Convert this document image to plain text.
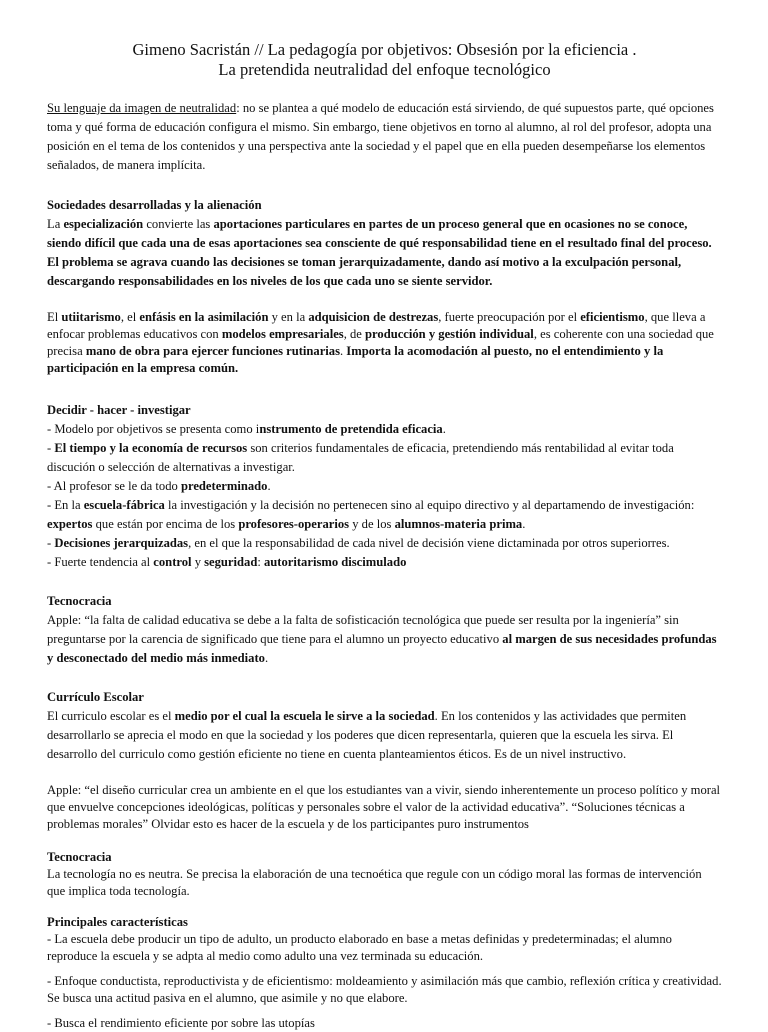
Gimeno Sacristán // La pedagogía por objetivos: Obsesión por la eficiencia .
La pretendida neutralidad del enfoque tecnológico

Su lenguaje da imagen de neutralidad: no se plantea a qué modelo de educación está sirviendo, de qué supuestos parte, qué opciones toma y qué forma de educación configura el mismo. Sin embargo, tiene objetivos en torno al alumno, al rol del profesor, adopta una posición en el tema de los contenidos y una perspectiva ante la sociedad y el papel que en ella pueden desempeñarse los elementos señalados, de manera implícita.

Sociedades desarrolladas y la alienación

La especialización convierte las aportaciones particulares en partes de un proceso general que en ocasiones no se conoce, siendo difícil que cada una de esas aportaciones sea consciente de qué responsabilidad tiene en el resultado final del proceso. El problema se agrava cuando las decisiones se toman jerarquizadamente, dando así motivo a la exculpación personal, descargando responsabilidades en los niveles de los que cada uno se siente servidor.

El utiitarismo, el enfásis en la asimilación y en la adquisicion de destrezas, fuerte preocupación por el eficientismo, que lleva a enfocar problemas educativos con modelos empresariales, de producción y gestión individual, es coherente con una sociedad que precisa mano de obra para ejercer funciones rutinarias. Importa la acomodación al puesto, no el entendimiento y la participación en la empresa común.

Decidir - hacer - investigar

- Modelo por objetivos se presenta como instrumento de pretendida eficacia.

- El tiempo y la economía de recursos son criterios fundamentales de eficacia, pretendiendo más rentabilidad al evitar toda discución o selección de alternativas a investigar.

- Al profesor se le da todo predeterminado.

- En la escuela-fábrica la investigación y la decisión no pertenecen sino al equipo directivo y al departamendo de investigación: expertos que están por encima de los profesores-operarios y de los alumnos-materia prima.

- Decisiones jerarquizadas, en el que la responsabilidad de cada nivel de decisión viene dictaminada por otros superiorres.

- Fuerte tendencia al control y seguridad: autoritarismo discimulado

Tecnocracia

Apple: “la falta de calidad educativa se debe a la falta de sofisticación tecnológica que puede ser resulta por la ingeniería” sin preguntarse por la carencia de significado que tiene para el alumno un proyecto educativo al margen de sus necesidades profundas y desconectado del medio más inmediato.

Currículo Escolar

El curriculo escolar es el medio por el cual la escuela le sirve a la sociedad. En los contenidos y las actividades que permiten desarrollarlo se aprecia el modo en que la sociedad y los poderes que dicen representarla, quieren que la escuela les sirva. El desarrollo del curriculo como gestión eficiente no tiene en cuenta planteamientos éticos. Es de un nivel instructivo.

Apple: “el diseño curricular crea un ambiente en el que los estudiantes van a vivir, siendo inherentemente un proceso político y moral que envuelve concepciones ideológicas, políticas y personales sobre el valor de la actividad educativa”. “Soluciones técnicas a problemas morales” Olvidar esto es hacer de la escuela y de los participantes puro instrumentos

Tecnocracia

La tecnología no es neutra. Se precisa la elaboración de una tecnoética que regule con un código moral las formas de intervención que implica toda tecnología.

Principales características

- La escuela debe producir un tipo de adulto, un producto elaborado en base a metas definidas y predeterminadas; el alumno reproduce la escuela y se adpta al medio como adulto una vez terminada su educación.

- Enfoque conductista, reproductivista y de eficientismo: moldeamiento y asimilación más que cambio, reflexión crítica y creatividad. Se busca una actitud pasiva en el alumno, que asimile y no que elabore.

- Busca el rendimiento eficiente por sobre las utopías
